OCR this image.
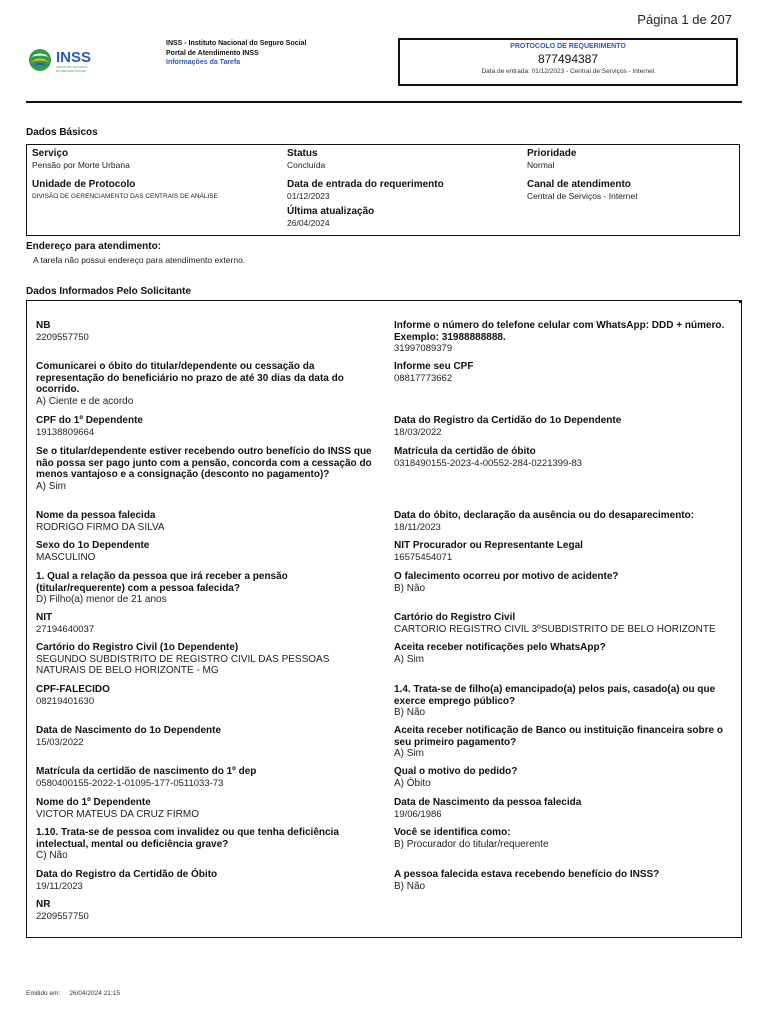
Página 1 de 207
INSS
INSTITUTO NACIONAL
DO SEGURO SOCIAL
INSS - Instituto Nacional do Seguro Social
Portal de Atendimento INSS
Informações da Tarefa
PROTOCOLO DE REQUERIMENTO
877494387
Data de entrada: 01/12/2023 - Central de Serviços - Internet
Dados Básicos
Serviço
Pensão por Morte Urbana
Status
Concluída
Prioridade
Normal
Unidade de Protocolo
DIVISÃO DE GERENCIAMENTO DAS CENTRAIS DE ANÁLISE
Data de entrada do requerimento
01/12/2023
Canal de atendimento
Central de Serviços - Internet
Última atualização
26/04/2024
Endereço para atendimento:
A tarefa não possui endereço para atendimento externo.
Dados Informados Pelo Solicitante
NB
2209557750
Comunicarei o óbito do titular/dependente ou cessação da representação do beneficiário no prazo de até 30 dias da data do ocorrido.
A) Ciente e de acordo
CPF do 1º Dependente
19138809664
Se o titular/dependente estiver recebendo outro benefício do INSS que não possa ser pago junto com a pensão, concorda com a cessação do menos vantajoso e a consignação (desconto no pagamento)?
A) Sim
Nome da pessoa falecida
RODRIGO FIRMO DA SILVA
Sexo do 1o Dependente
MASCULINO
1. Qual a relação da pessoa que irá receber a pensão (titular/requerente) com a pessoa falecida?
D) Filho(a) menor de 21 anos
NIT
27194640037
Cartório do Registro Civil (1o Dependente)
SEGUNDO SUBDISTRITO DE REGISTRO CIVIL DAS PESSOAS NATURAIS DE BELO HORIZONTE - MG
CPF-FALECIDO
08219401630
Data de Nascimento do 1o Dependente
15/03/2022
Matrícula da certidão de nascimento do 1º dep
0580400155-2022-1-01095-177-0511033-73
Nome do 1º Dependente
VICTOR MATEUS DA CRUZ FIRMO
1.10. Trata-se de pessoa com invalidez ou que tenha deficiência intelectual, mental ou deficiência grave?
C) Não
Data do Registro da Certidão de Óbito
19/11/2023
NR
2209557750
Informe o número do telefone celular com WhatsApp: DDD + número. Exemplo: 31988888888.
31997089379
Informe seu CPF
08817773662
Data do Registro da Certidão do 1o Dependente
18/03/2022
Matrícula da certidão de óbito
0318490155-2023-4-00552-284-0221399-83
Data do óbito, declaração da ausência ou do desaparecimento:
18/11/2023
NIT Procurador ou Representante Legal
16575454071
O falecimento ocorreu por motivo de acidente?
B) Não
Cartório do Registro Civil
CARTORIO REGISTRO CIVIL 3ºSUBDISTRITO DE BELO HORIZONTE
Aceita receber notificações pelo WhatsApp?
A) Sim
1.4. Trata-se de filho(a) emancipado(a) pelos pais, casado(a) ou que exerce emprego público?
B) Não
Aceita receber notificação de Banco ou instituição financeira sobre o seu primeiro pagamento?
A) Sim
Qual o motivo do pedido?
A) Óbito
Data de Nascimento da pessoa falecida
19/06/1986
Você se identifica como:
B) Procurador do titular/requerente
A pessoa falecida estava recebendo benefício do INSS?
B) Não
Emitido em: 26/04/2024 21:15
